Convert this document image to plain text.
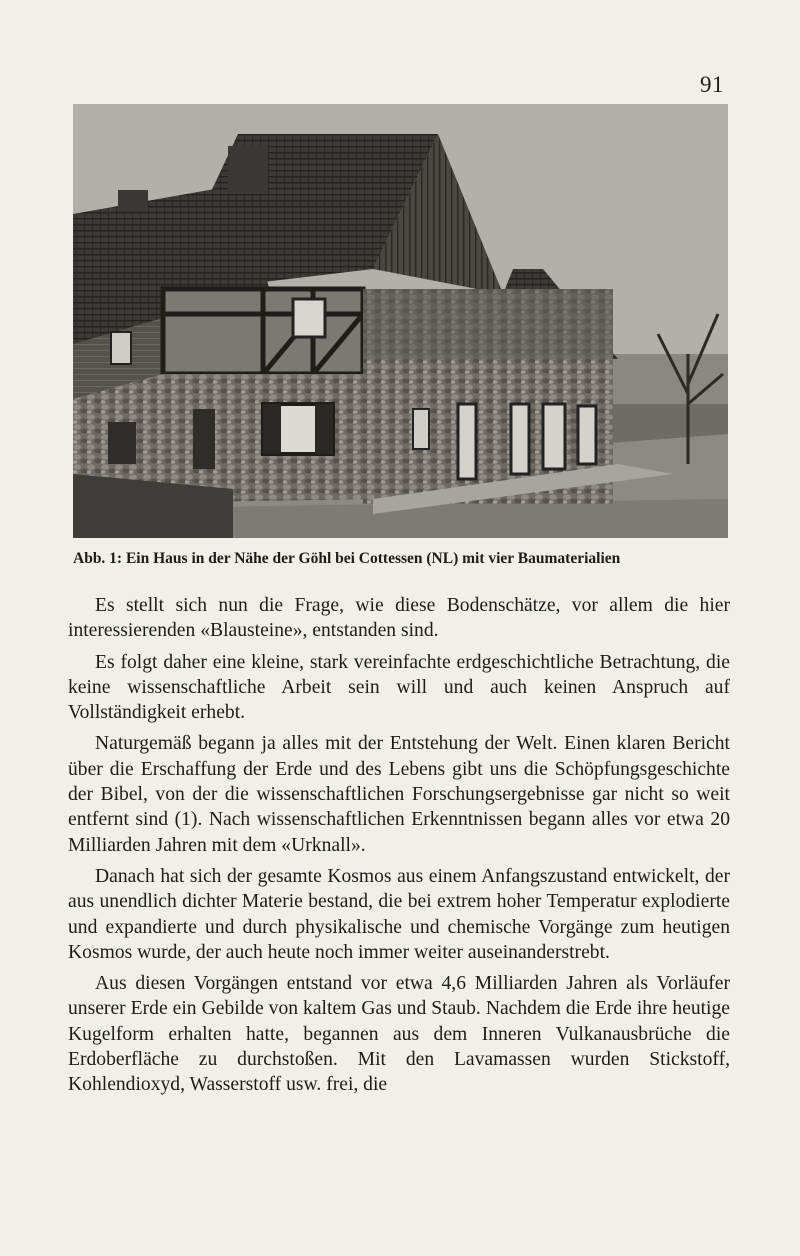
91
Abb. 1: Ein Haus in der Nähe der Göhl bei Cottessen (NL) mit vier Baumaterialien

Es stellt sich nun die Frage, wie diese Bodenschätze, vor allem die hier interessierenden «Blausteine», entstanden sind.

Es folgt daher eine kleine, stark vereinfachte erdgeschichtliche Betrachtung, die keine wissenschaftliche Arbeit sein will und auch keinen Anspruch auf Vollständigkeit erhebt.

Naturgemäß begann ja alles mit der Entstehung der Welt. Einen klaren Bericht über die Erschaffung der Erde und des Lebens gibt uns die Schöpfungsgeschichte der Bibel, von der die wissenschaftlichen Forschungsergebnisse gar nicht so weit entfernt sind (1). Nach wissenschaftlichen Erkenntnissen begann alles vor etwa 20 Milliarden Jahren mit dem «Urknall».

Danach hat sich der gesamte Kosmos aus einem Anfangszustand entwickelt, der aus unendlich dichter Materie bestand, die bei extrem hoher Temperatur explodierte und expandierte und durch physikalische und chemische Vorgänge zum heutigen Kosmos wurde, der auch heute noch immer weiter auseinanderstrebt.

Aus diesen Vorgängen entstand vor etwa 4,6 Milliarden Jahren als Vorläufer unserer Erde ein Gebilde von kaltem Gas und Staub. Nachdem die Erde ihre heutige Kugelform erhalten hatte, begannen aus dem Inneren Vulkanausbrüche die Erdoberfläche zu durchstoßen. Mit den Lavamassen wurden Stickstoff, Kohlendioxyd, Wasserstoff usw. frei, die
